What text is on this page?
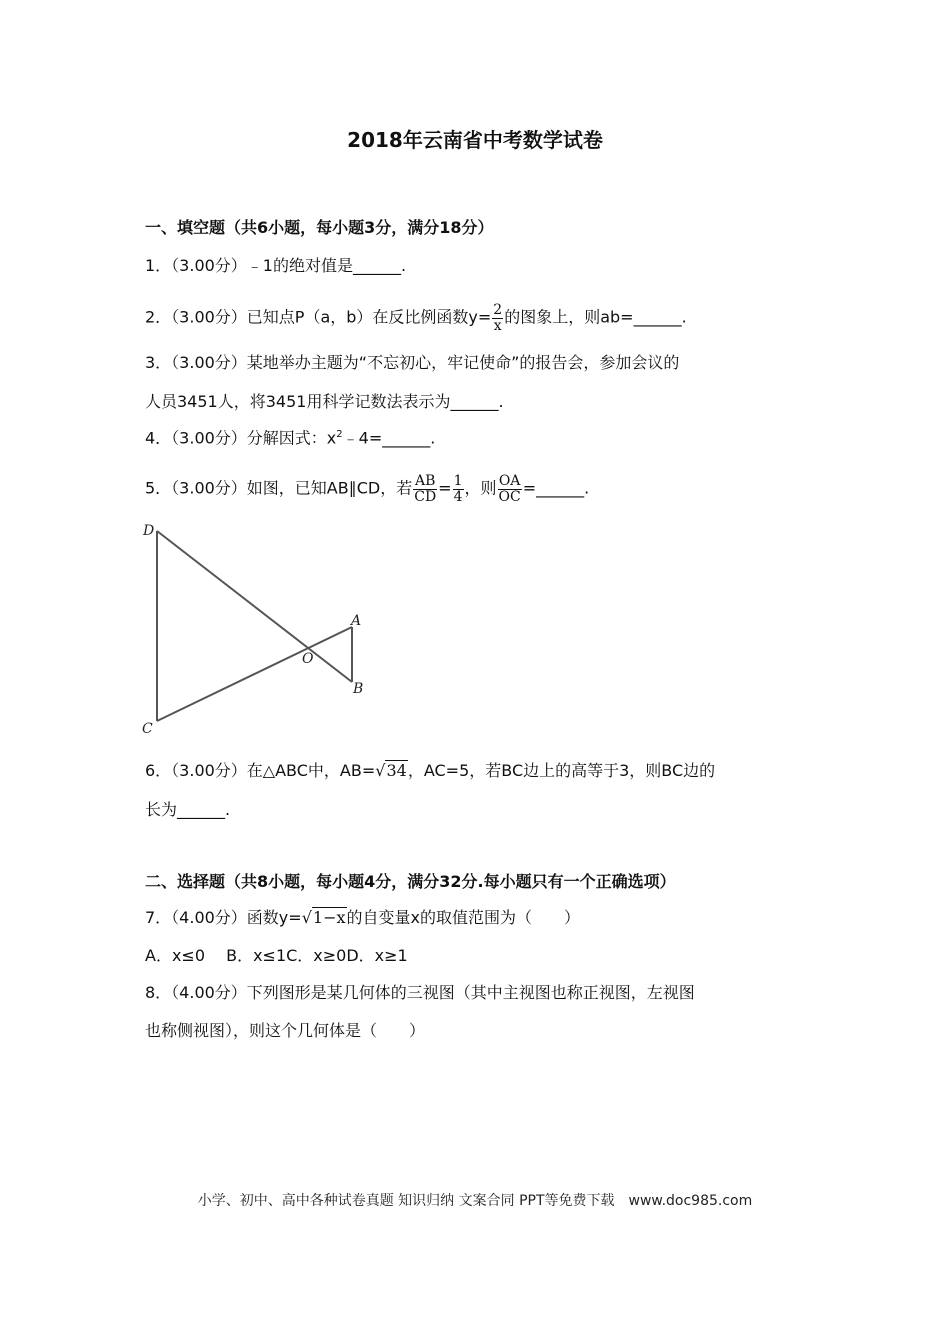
2018年云南省中考数学试卷
一、填空题（共6小题，每小题3分，满分18分）
1．（3.00分）﹣1的绝对值是______.
2．（3.00分）已知点P（a，b）在反比例函数$y= \frac{2}{x}$ 的图象上，则ab=______.
3．（3.00分）某地举办主题为“不忘初心，牢记使命”的报告会，参加会议的
人员3451人，将3451用科学记数法表示为______.
4．（3.00分）分解因式：$x^2﹣4=\_\_\_\_\_\_$.
5．（3.00分）如图，已知AB∥CD，若 $\frac{AB}{CD} = \frac{1}{4}$ ，则 $\frac{OA}{OC}$ =______.
D
A
O
B
C
6．（3.00分）在△ABC中，AB=√34，AC=5，若BC边上的高等于3，则BC边的
长为______.
二、选择题（共8小题，每小题4分，满分32分.每小题只有一个正确选项）
7．（4.00分）函数y=√1−x的自变量x的取值范围为（　　）
A．x≤0　 B．x≤1C．x≥0D．x≥1
8．（4.00分）下列图形是某几何体的三视图（其中主视图也称正视图，左视图
也称侧视图），则这个几何体是（　　）
小学、初中、高中各种试卷真题 知识归纳 文案合同 PPT等免费下载　www.doc985.com
